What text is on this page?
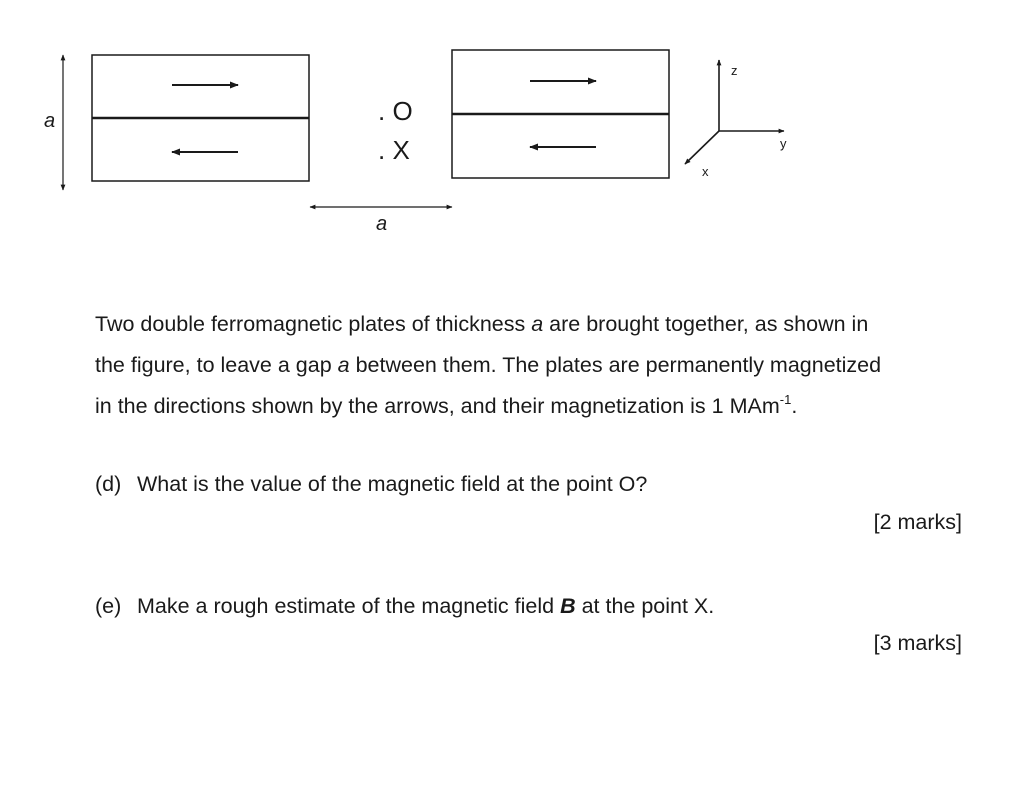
a	. O
. X
a
z
y
x

Two double ferromagnetic plates of thickness a are brought together, as shown in
the figure, to leave a gap a between them. The plates are permanently magnetized
in the directions shown by the arrows, and their magnetization is 1 MAm$^{-1}$.

(d) What is the value of the magnetic field at the point O?
[2 marks]
(e) Make a rough estimate of the magnetic field B at the point X.
[3 marks]
